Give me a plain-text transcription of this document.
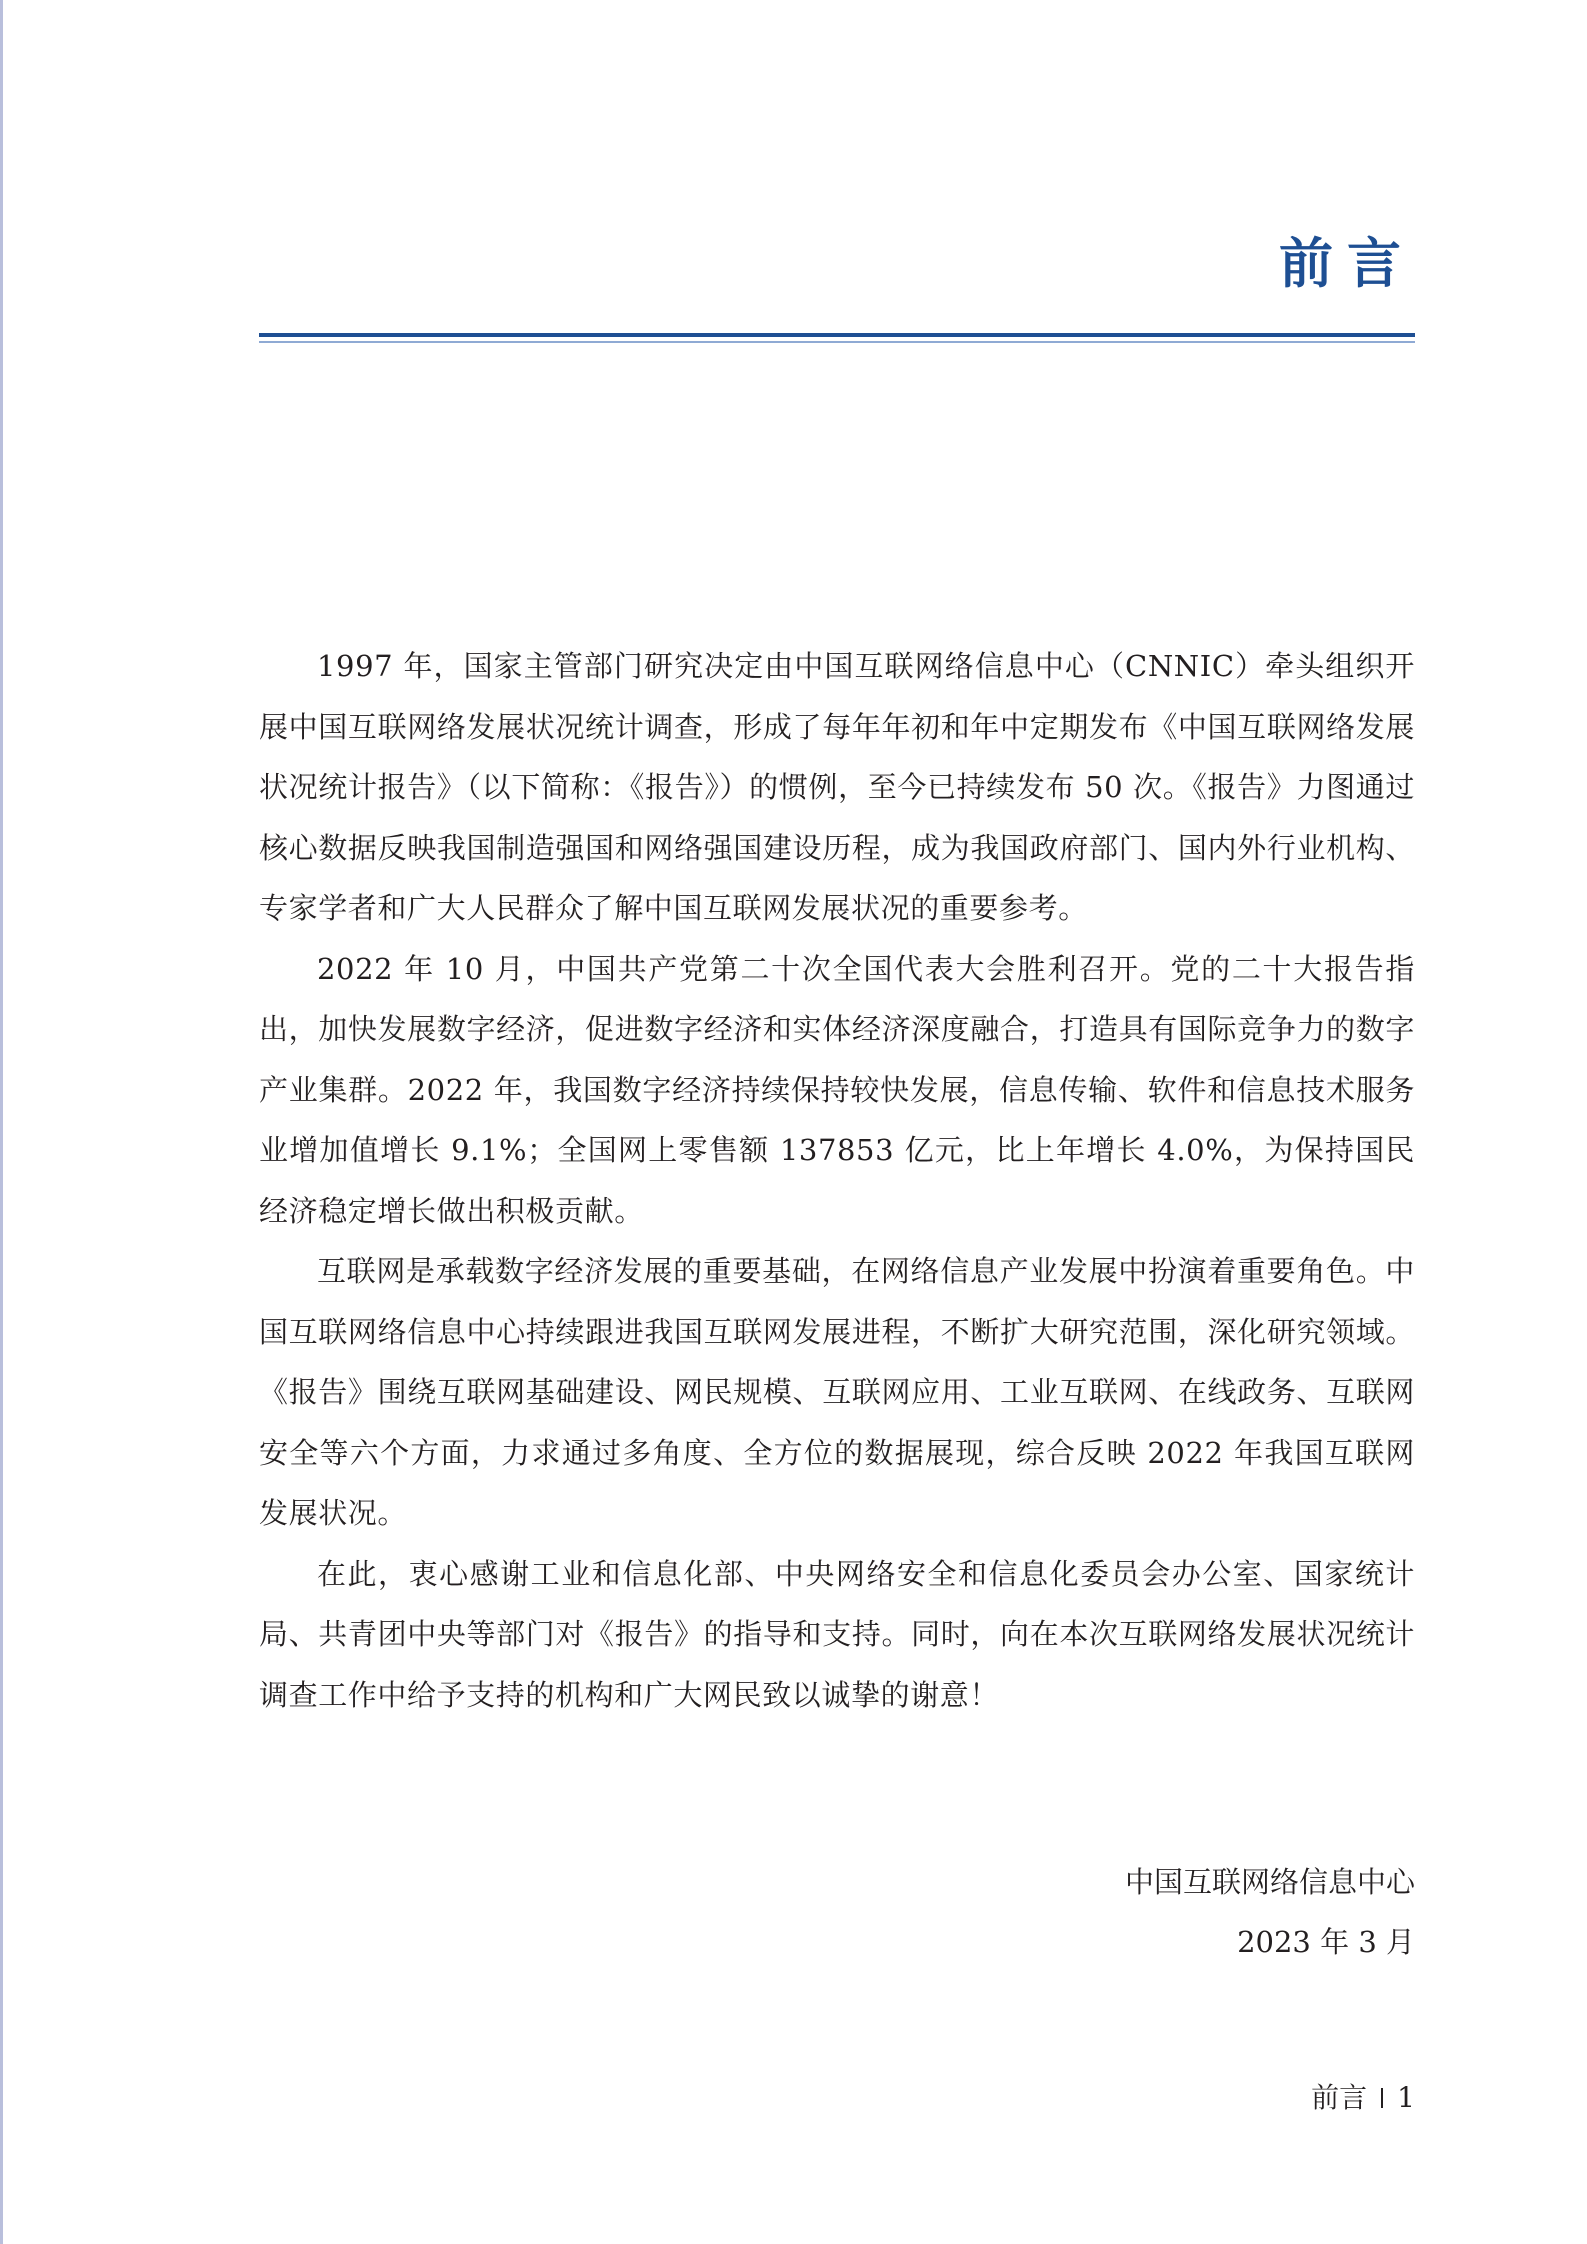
前言

1997 年，国家主管部门研究决定由中国互联网络信息中心（CNNIC）牵头组织开展中国互联网络发展状况统计调查，形成了每年年初和年中定期发布《中国互联网络发展状况统计报告》（以下简称：《报告》）的惯例，至今已持续发布 50 次。《报告》力图通过核心数据反映我国制造强国和网络强国建设历程，成为我国政府部门、国内外行业机构、专家学者和广大人民群众了解中国互联网发展状况的重要参考。

2022 年 10 月，中国共产党第二十次全国代表大会胜利召开。党的二十大报告指出，加快发展数字经济，促进数字经济和实体经济深度融合，打造具有国际竞争力的数字产业集群。2022 年，我国数字经济持续保持较快发展，信息传输、软件和信息技术服务业增加值增长 9.1%；全国网上零售额 137853 亿元，比上年增长 4.0%，为保持国民经济稳定增长做出积极贡献。

互联网是承载数字经济发展的重要基础，在网络信息产业发展中扮演着重要角色。中国互联网络信息中心持续跟进我国互联网发展进程，不断扩大研究范围，深化研究领域。《报告》围绕互联网基础建设、网民规模、互联网应用、工业互联网、在线政务、互联网安全等六个方面，力求通过多角度、全方位的数据展现，综合反映 2022 年我国互联网发展状况。

在此，衷心感谢工业和信息化部、中央网络安全和信息化委员会办公室、国家统计局、共青团中央等部门对《报告》的指导和支持。同时，向在本次互联网络发展状况统计调查工作中给予支持的机构和广大网民致以诚挚的谢意！

中国互联网络信息中心
2023 年 3 月
前言 1
